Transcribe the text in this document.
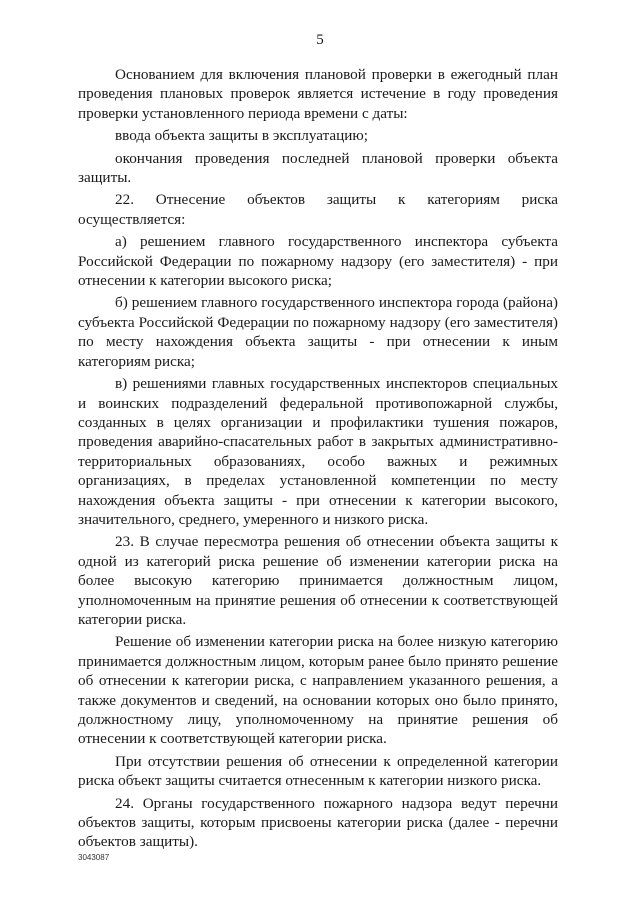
5

Основанием для включения плановой проверки в ежегодный план проведения плановых проверок является истечение в году проведения проверки установленного периода времени с даты:

ввода объекта защиты в эксплуатацию;

окончания проведения последней плановой проверки объекта защиты.

22. Отнесение объектов защиты к категориям риска осуществляется:

а) решением главного государственного инспектора субъекта Российской Федерации по пожарному надзору (его заместителя) - при отнесении к категории высокого риска;

б) решением главного государственного инспектора города (района) субъекта Российской Федерации по пожарному надзору (его заместителя) по месту нахождения объекта защиты - при отнесении к иным категориям риска;

в) решениями главных государственных инспекторов специальных и воинских подразделений федеральной противопожарной службы, созданных в целях организации и профилактики тушения пожаров, проведения аварийно-спасательных работ в закрытых административно-территориальных образованиях, особо важных и режимных организациях, в пределах установленной компетенции по месту нахождения объекта защиты - при отнесении к категории высокого, значительного, среднего, умеренного и низкого риска.

23. В случае пересмотра решения об отнесении объекта защиты к одной из категорий риска решение об изменении категории риска на более высокую категорию принимается должностным лицом, уполномоченным на принятие решения об отнесении к соответствующей категории риска.

Решение об изменении категории риска на более низкую категорию принимается должностным лицом, которым ранее было принято решение об отнесении к категории риска, с направлением указанного решения, а также документов и сведений, на основании которых оно было принято, должностному лицу, уполномоченному на принятие решения об отнесении к соответствующей категории риска.

При отсутствии решения об отнесении к определенной категории риска объект защиты считается отнесенным к категории низкого риска.

24. Органы государственного пожарного надзора ведут перечни объектов защиты, которым присвоены категории риска (далее - перечни объектов защиты).

3043087
